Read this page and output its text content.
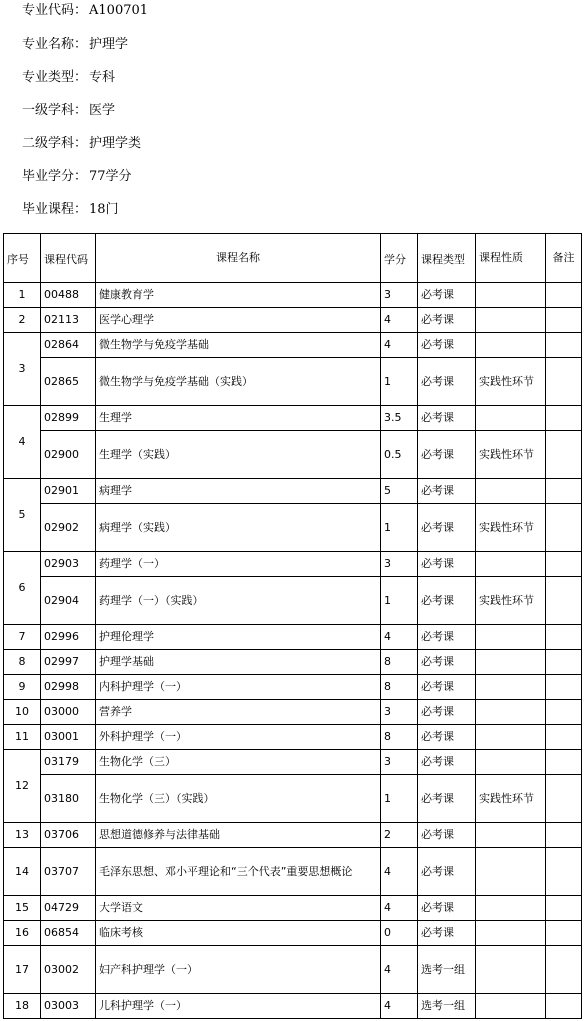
专业代码： A100701
专业名称： 护理学
专业类型： 专科
一级学科： 医学
二级学科： 护理学类
毕业学分： 77学分
毕业课程： 18门
序号	课程代码	课程名称	学分	课程类型	课程性质	备注
1	00488	健康教育学	3	必考课		
2	02113	医学心理学	4	必考课		
3	02864	微生物学与免疫学基础	4	必考课		
	02865	微生物学与免疫学基础（实践）	1	必考课	实践性环节	
4	02899	生理学	3.5	必考课		
	02900	生理学（实践）	0.5	必考课	实践性环节	
5	02901	病理学	5	必考课		
	02902	病理学（实践）	1	必考课	实践性环节	
6	02903	药理学（一）	3	必考课		
	02904	药理学（一）（实践）	1	必考课	实践性环节	
7	02996	护理伦理学	4	必考课		
8	02997	护理学基础	8	必考课		
9	02998	内科护理学（一）	8	必考课		
10	03000	营养学	3	必考课		
11	03001	外科护理学（一）	8	必考课		
12	03179	生物化学（三）	3	必考课		
	03180	生物化学（三）（实践）	1	必考课	实践性环节	
13	03706	思想道德修养与法律基础	2	必考课		
14	03707	毛泽东思想、邓小平理论和“三个代表”重要思想概论	4	必考课		
15	04729	大学语文	4	必考课		
16	06854	临床考核	0	必考课		
17	03002	妇产科护理学（一）	4	选考一组		
18	03003	儿科护理学（一）	4	选考一组		
